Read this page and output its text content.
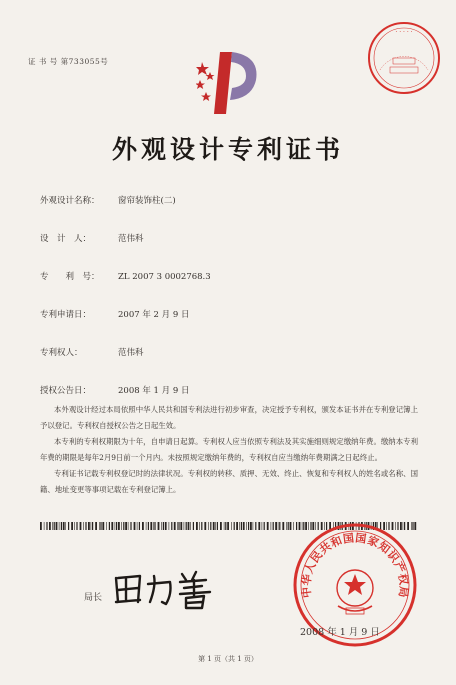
证 书 号 第733055号
· · · · ·
外观设计专利证书
外观设计名称： 窗帘装饰柱(二)
设　计　人：	范伟科
专　　利　号： ZL 2007 3 0002768.3
专利申请日：	2007 年 2 月 9 日
专利权人：	范伟科
授权公告日：	2008 年 1 月 9 日

本外观设计经过本局依照中华人民共和国专利法进行初步审查，决定授予专利权，颁发本证书并在专利登记簿上予以登记。专利权自授权公告之日起生效。

本专利的专利权期限为十年，自申请日起算。专利权人应当依照专利法及其实施细则规定缴纳年费。缴纳本专利年费的期限是每年2月9日前一个月内。未按照规定缴纳年费的，专利权自应当缴纳年费期满之日起终止。

专利证书记载专利权登记时的法律状况。专利权的转移、质押、无效、终止、恢复和专利权人的姓名或名称、国籍、地址变更等事项记载在专利登记簿上。

局长	中华人民共和国国家知识产权局
2008 年 1 月 9 日
第 1 页（共 1 页）
